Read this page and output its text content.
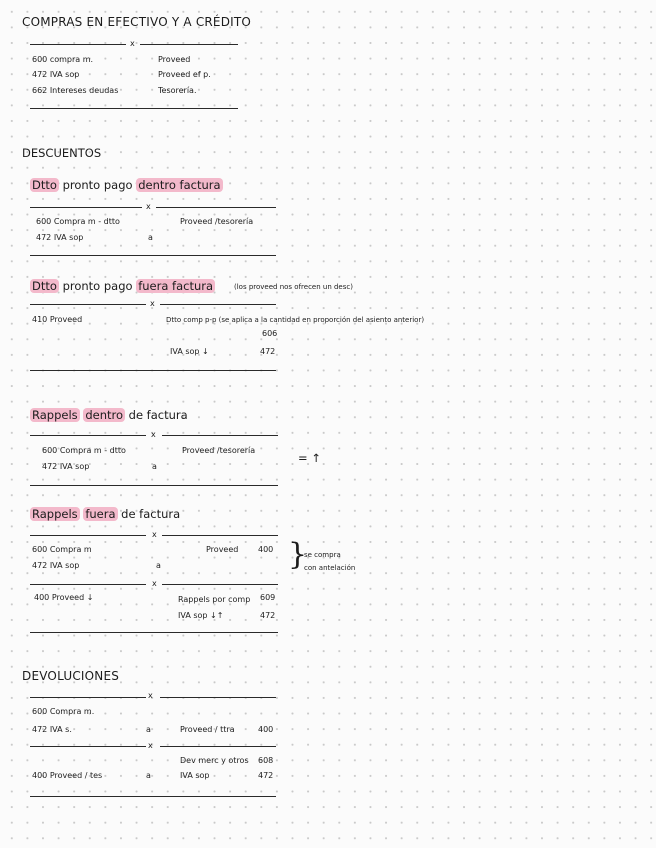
COMPRAS EN EFECTIVO Y A CRÉDITO
x
600 compra m.	Proveed
472 IVA sop	Proveed ef p.
662 Intereses deudas	Tesorería.
DESCUENTOS
Dtto pronto pago dentro factura
x
600 Compra m - dtto	Proveed /tesorería
472 IVA sop	a
Dtto pronto pago fuera factura	(los proveed nos ofrecen un desc)
x
410 Proveed	Dtto comp p-p (se aplica a la cantidad en proporción del asiento anterior)
606
IVA sop ↓	472
Rappels dentro de factura
x
600 Compra m - dtto	Proveed /tesorería
472 IVA sop	a
= ↑
Rappels fuera de factura
x
600 Compra m	Proveed 400
472 IVA sop	a	}
se compra
con antelación
x
400 Proveed ↓	Rappels por comp 609
IVA sop ↓↑	472
DEVOLUCIONES
x
600 Compra m.
472 IVA s.	a	Proveed / ttra	400
x
Dev merc y otros 608
400 Proveed / tes	a	IVA sop	472
